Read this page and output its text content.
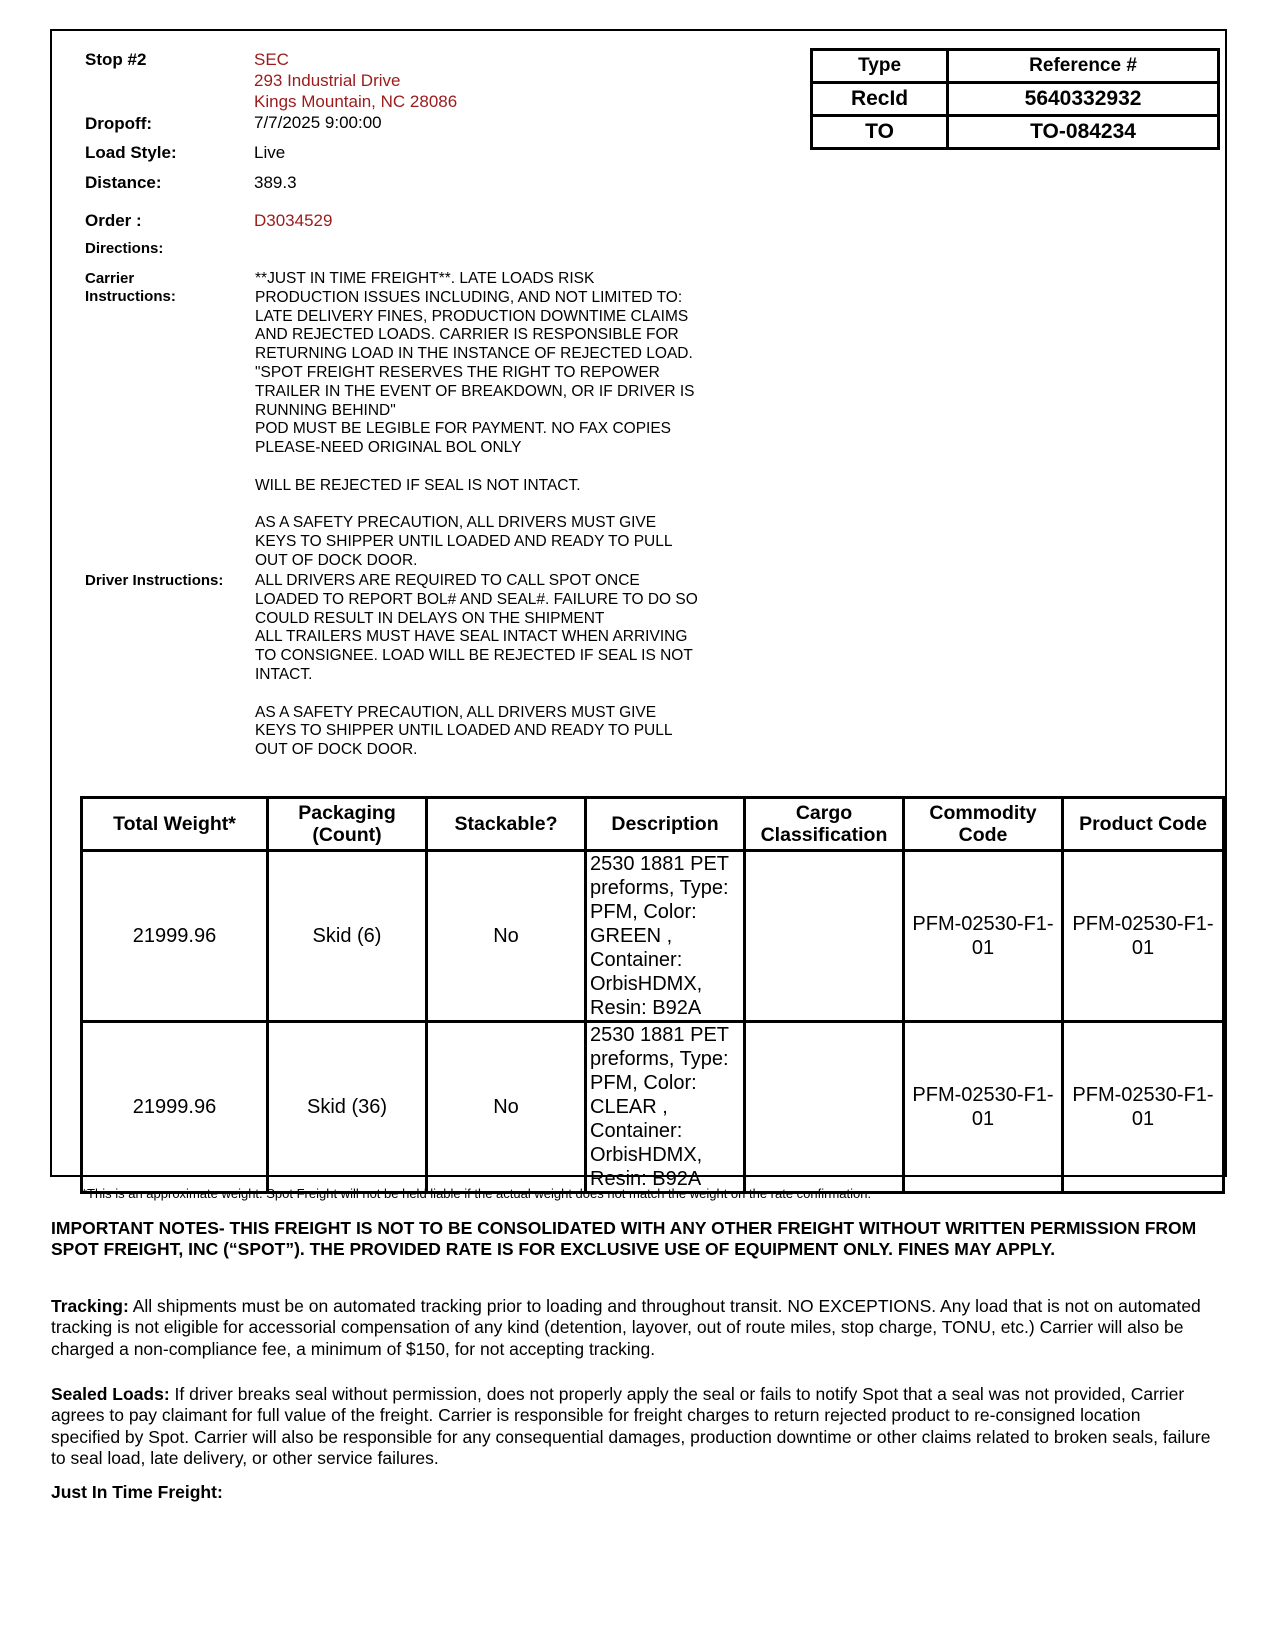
Stop #2	SEC
293 Industrial Drive
Kings Mountain, NC 28086
Dropoff:	7/7/2025 9:00:00
Load Style:	Live
Distance:	389.3
Order :	D3034529
Directions:
Carrier
Instructions:
**JUST IN TIME FREIGHT**. LATE LOADS RISK
PRODUCTION ISSUES INCLUDING, AND NOT LIMITED TO:
LATE DELIVERY FINES, PRODUCTION DOWNTIME CLAIMS
AND REJECTED LOADS. CARRIER IS RESPONSIBLE FOR
RETURNING LOAD IN THE INSTANCE OF REJECTED LOAD.
"SPOT FREIGHT RESERVES THE RIGHT TO REPOWER
TRAILER IN THE EVENT OF BREAKDOWN, OR IF DRIVER IS
RUNNING BEHIND"
POD MUST BE LEGIBLE FOR PAYMENT. NO FAX COPIES
PLEASE-NEED ORIGINAL BOL ONLY

WILL BE REJECTED IF SEAL IS NOT INTACT.

AS A SAFETY PRECAUTION, ALL DRIVERS MUST GIVE
KEYS TO SHIPPER UNTIL LOADED AND READY TO PULL
OUT OF DOCK DOOR.
Driver Instructions: ALL DRIVERS ARE REQUIRED TO CALL SPOT ONCE
LOADED TO REPORT BOL# AND SEAL#. FAILURE TO DO SO
COULD RESULT IN DELAYS ON THE SHIPMENT
ALL TRAILERS MUST HAVE SEAL INTACT WHEN ARRIVING
TO CONSIGNEE. LOAD WILL BE REJECTED IF SEAL IS NOT
INTACT.

AS A SAFETY PRECAUTION, ALL DRIVERS MUST GIVE
KEYS TO SHIPPER UNTIL LOADED AND READY TO PULL
OUT OF DOCK DOOR.
Type	Reference #
RecId	5640332932
TO	TO-084234
Total Weight*	Packaging (Count)	Stackable?	Description	Cargo Classification	Commodity Code	Product Code
21999.96	Skid (6)	No	2530 1881 PET preforms, Type: PFM, Color: GREEN , Container: OrbisHDMX, Resin: B92A		PFM-02530-F1-01	PFM-02530-F1-01
21999.96	Skid (36)	No	2530 1881 PET preforms, Type: PFM, Color: CLEAR , Container: OrbisHDMX, Resin: B92A		PFM-02530-F1-01	PFM-02530-F1-01
*This is an approximate weight. Spot Freight will not be held liable if the actual weight does not match the weight on the rate confirmation.
IMPORTANT NOTES- THIS FREIGHT IS NOT TO BE CONSOLIDATED WITH ANY OTHER FREIGHT WITHOUT WRITTEN PERMISSION FROM SPOT FREIGHT, INC (“SPOT”). THE PROVIDED RATE IS FOR EXCLUSIVE USE OF EQUIPMENT ONLY. FINES MAY APPLY.
Tracking: All shipments must be on automated tracking prior to loading and throughout transit. NO EXCEPTIONS. Any load that is not on automated tracking is not eligible for accessorial compensation of any kind (detention, layover, out of route miles, stop charge, TONU, etc.) Carrier will also be charged a non-compliance fee, a minimum of $150, for not accepting tracking.
Sealed Loads: If driver breaks seal without permission, does not properly apply the seal or fails to notify Spot that a seal was not provided, Carrier agrees to pay claimant for full value of the freight. Carrier is responsible for freight charges to return rejected product to re-consigned location specified by Spot. Carrier will also be responsible for any consequential damages, production downtime or other claims related to broken seals, failure to seal load, late delivery, or other service failures.
Just In Time Freight:
